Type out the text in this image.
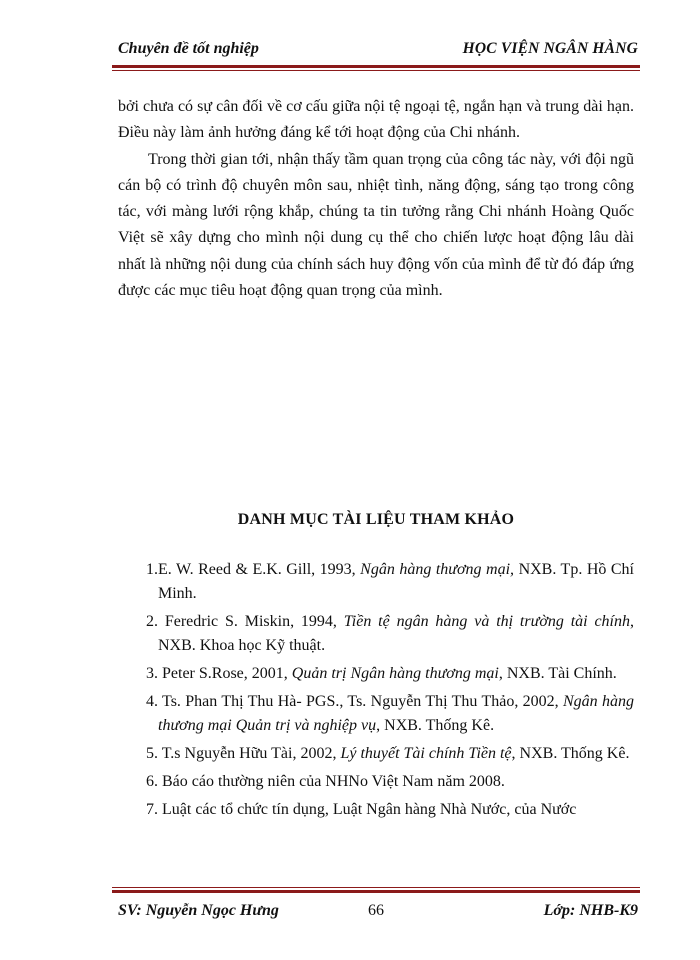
Chuyên đề tốt nghiệp	HỌC VIỆN NGÂN HÀNG

bởi chưa có sự cân đối về cơ cấu giữa nội tệ ngoại tệ, ngắn hạn và trung dài hạn. Điều này làm ảnh hưởng đáng kể tới hoạt động của Chi nhánh.

Trong thời gian tới, nhận thấy tầm quan trọng của công tác này, với đội ngũ cán bộ có trình độ chuyên môn sau, nhiệt tình, năng động, sáng tạo trong công tác, với màng lưới rộng khắp, chúng ta tin tưởng rằng Chi nhánh Hoàng Quốc Việt sẽ xây dựng cho mình nội dung cụ thể cho chiến lược hoạt động lâu dài nhất là những nội dung của chính sách huy động vốn của mình để từ đó đáp ứng được các mục tiêu hoạt động quan trọng của mình.

DANH MỤC TÀI LIỆU THAM KHẢO

1.E. W. Reed & E.K. Gill, 1993, Ngân hàng thương mại, NXB. Tp. Hồ Chí Minh.

2. Feredric S. Miskin, 1994, Tiền tệ ngân hàng và thị trường tài chính, NXB. Khoa học Kỹ thuật.

3. Peter S.Rose, 2001, Quản trị Ngân hàng thương mại, NXB. Tài Chính.

4. Ts. Phan Thị Thu Hà- PGS., Ts. Nguyễn Thị Thu Thảo, 2002, Ngân hàng thương mại Quản trị và nghiệp vụ, NXB. Thống Kê.

5. T.s Nguyễn Hữu Tài, 2002, Lý thuyết Tài chính Tiền tệ, NXB. Thống Kê.

6. Báo cáo thường niên của NHNo Việt Nam năm 2008.

7. Luật các tổ chức tín dụng, Luật Ngân hàng Nhà Nước, của Nước

SV: Nguyễn Ngọc Hưng	66	Lớp: NHB-K9
